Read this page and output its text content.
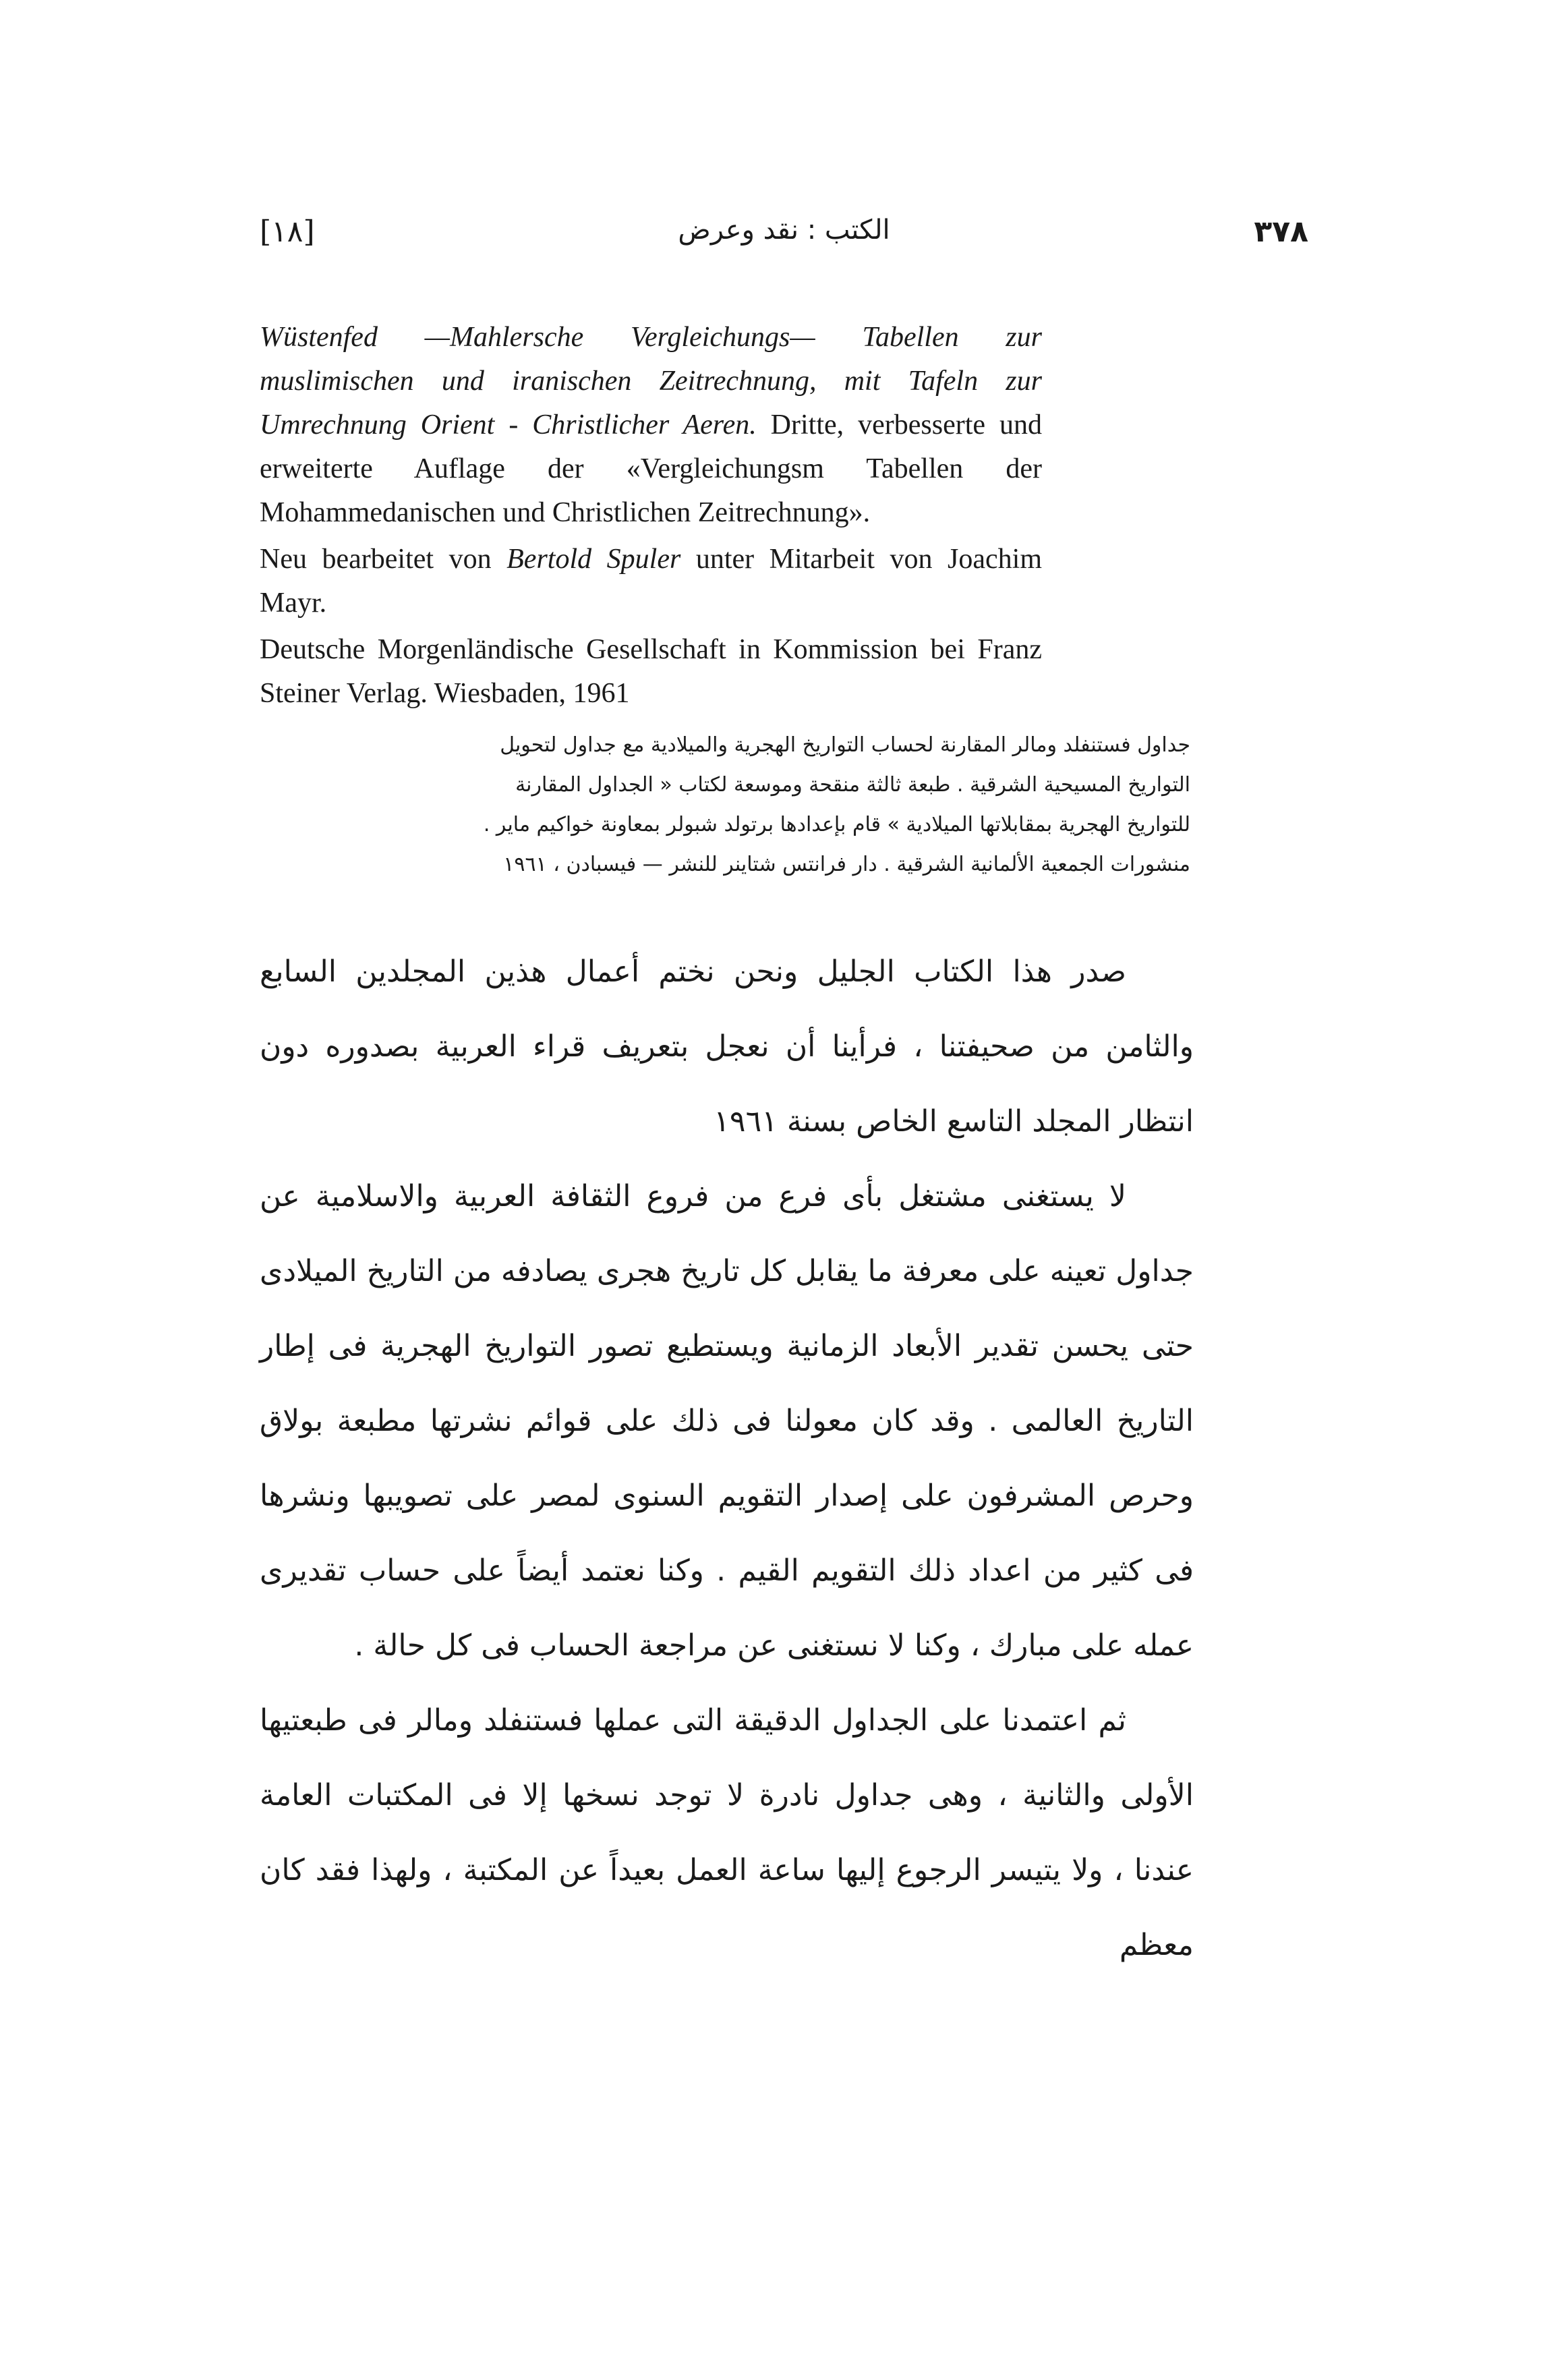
[١٨]	الكتب : نقد وعرض	٣٧٨

Wüstenfed —Mahlersche Vergleichungs— Tabellen zur muslimischen und iranischen Zeitrechnung, mit Tafeln zur Umrechnung Orient - Christlicher Aeren. Dritte, verbesserte und erweiterte Auflage der «Vergleichungsm Tabellen der Mohammedanischen und Christlichen Zeitrechnung».

Neu bearbeitet von Bertold Spuler unter Mitarbeit von Joachim Mayr.

Deutsche Morgenländische Gesellschaft in Kommission bei Franz Steiner Verlag. Wiesbaden, 1961

جداول فستنفلد ومالر المقارنة لحساب التواريخ الهجرية والميلادية مع جداول لتحويل

التواريخ المسيحية الشرقية . طبعة ثالثة منقحة وموسعة لكتاب « الجداول المقارنة

للتواريخ الهجرية بمقابلاتها الميلادية » قام بإعدادها برتولد شبولر بمعاونة خواكيم ماير .

منشورات الجمعية الألمانية الشرقية . دار فرانتس شتاينر للنشر — فيسبادن ، ١٩٦١

صدر هذا الكتاب الجليل ونحن نختم أعمال هذين المجلدين السابع والثامن من صحيفتنا ، فرأينا أن نعجل بتعريف قراء العربية بصدوره دون انتظار المجلد التاسع الخاص بسنة ١٩٦١

لا يستغنى مشتغل بأى فرع من فروع الثقافة العربية والاسلامية عن جداول تعينه على معرفة ما يقابل كل تاريخ هجرى يصادفه من التاريخ الميلادى حتى يحسن تقدير الأبعاد الزمانية ويستطيع تصور التواريخ الهجرية فى إطار التاريخ العالمى . وقد كان معولنا فى ذلك على قوائم نشرتها مطبعة بولاق وحرص المشرفون على إصدار التقويم السنوى لمصر على تصويبها ونشرها فى كثير من اعداد ذلك التقويم القيم . وكنا نعتمد أيضاً على حساب تقديرى عمله على مبارك ، وكنا لا نستغنى عن مراجعة الحساب فى كل حالة .

ثم اعتمدنا على الجداول الدقيقة التى عملها فستنفلد ومالر فى طبعتيها الأولى والثانية ، وهى جداول نادرة لا توجد نسخها إلا فى المكتبات العامة عندنا ، ولا يتيسر الرجوع إليها ساعة العمل بعيداً عن المكتبة ، ولهذا فقد كان معظم
